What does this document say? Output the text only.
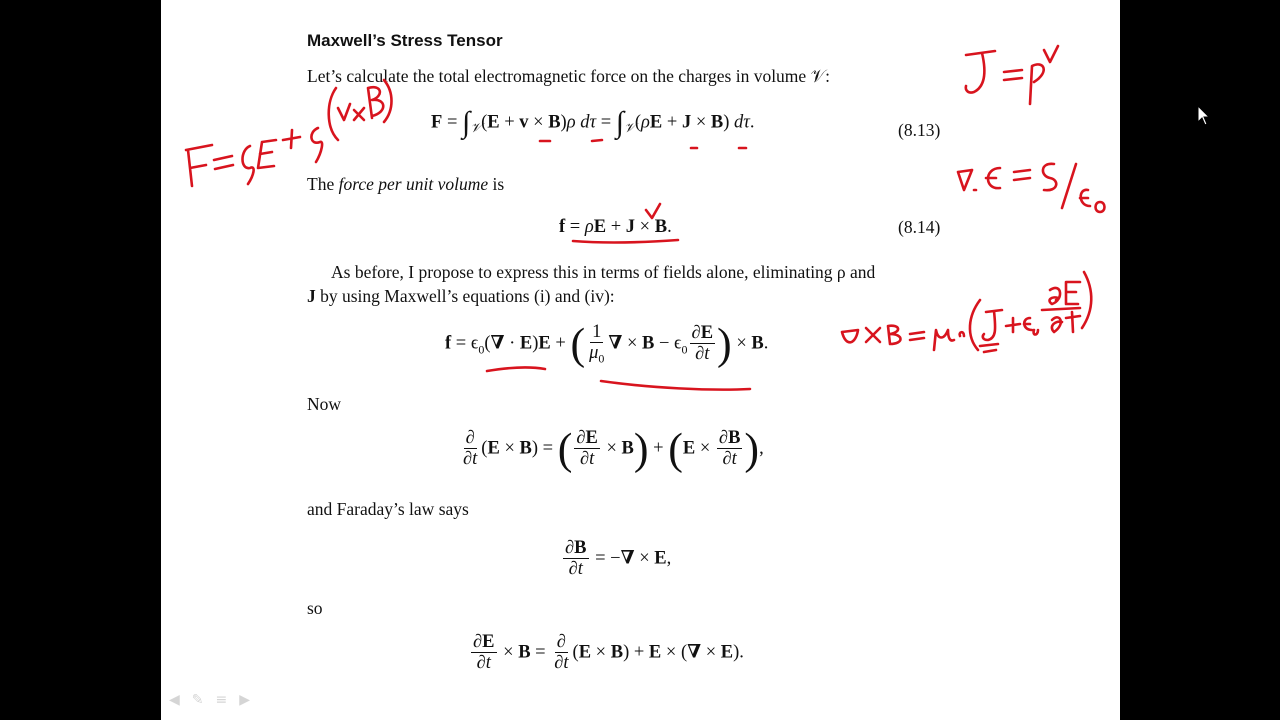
Maxwell’s Stress Tensor
Let’s calculate the total electromagnetic force on the charges in volume 𝒱:
$F = \int_𝒱(E + v \times B)\rho$ $d\tau = \int_𝒱(\rho E + J \times B)$ dτ.	(8.13)
The force per unit volume is
f = ρE + J × B.	(8.14)
As before, I propose to express this in terms of fields alone, eliminating ρ and
J by using Maxwell’s equations (i) and (iv):
$f = \epsilon_0(\nabla \cdot E)E$ + ( $\frac{1}{\mu_0}$ ∇ × $B - \epsilon_0 \frac{\partial E}{\partial t}$ ) × B.
Now
$\frac{\partial}{\partial t} (E \times B)$ = ( $\frac{\partial E}{\partial t} \times B) + (E \times \frac{\partial B}{\partial t}$ ),
and Faraday’s law says
$\frac{\partial B}{\partial t}$ = −∇ × E,
so
$\frac{\partial E}{\partial t} \times B = \frac{\partial}{\partial t} (E \times B) + E$ × (∇ × E).
◀ ✎ ≡ ▶
